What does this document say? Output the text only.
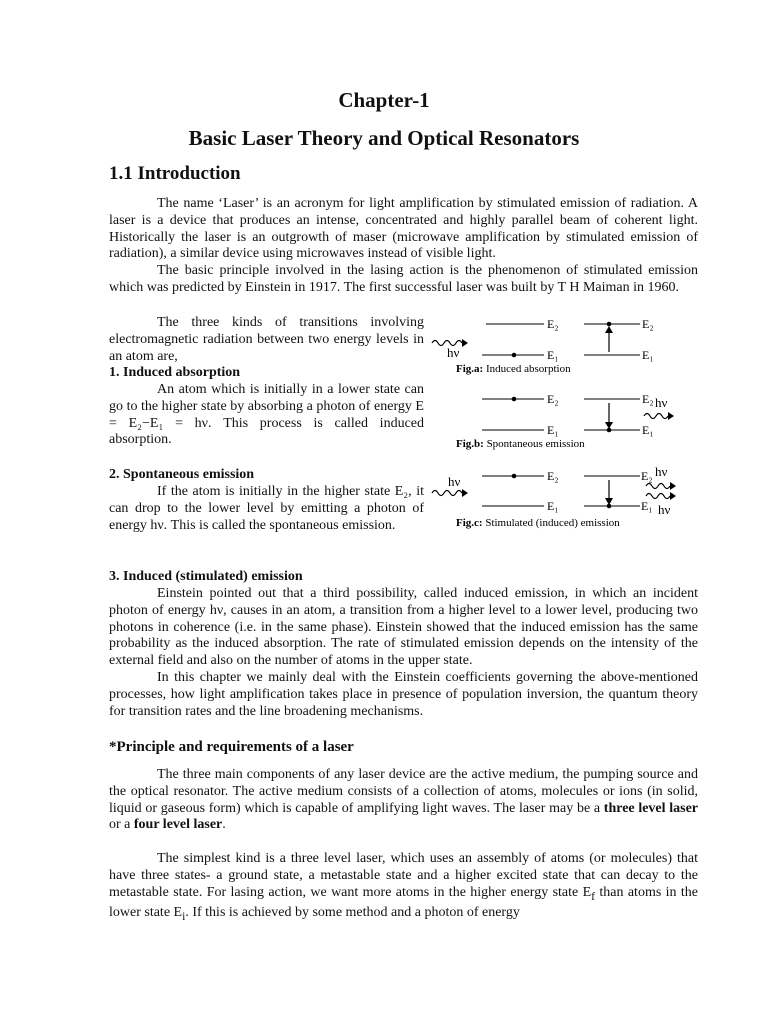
Chapter-1
Basic Laser Theory and Optical Resonators
1.1 Introduction

The name ‘Laser’ is an acronym for light amplification by stimulated emission of radiation. A laser is a device that produces an intense, concentrated and highly parallel beam of coherent light. Historically the laser is an outgrowth of maser (microwave amplification by stimulated emission of radiation), a similar device using microwaves instead of visible light.

The basic principle involved in the lasing action is the phenomenon of stimulated emission which was predicted by Einstein in 1917. The first successful laser was built by T H Maiman in 1960.

The three kinds of transitions involving electromagnetic radiation between two energy levels in an atom are,

1. Induced absorption

An atom which is initially in a lower state can go to the higher state by absorbing a photon of energy E = E₂−E₁ = hν. This process is called induced absorption.

2. Spontaneous emission

If the atom is initially in the higher state E₂, it can drop to the lower level by emitting a photon of energy hν. This is called the spontaneous emission.

E₂
E₁
hν
E₂
E₁
Fig.a: Induced absorption
E₂
E₁
E₂ hν
E₁
Fig.b: Spontaneous emission
hν	E₂
E₁
E₂ hν
E₁ hν
Fig.c: Stimulated (induced) emission
3. Induced (stimulated) emission

Einstein pointed out that a third possibility, called induced emission, in which an incident photon of energy hν, causes in an atom, a transition from a higher level to a lower level, producing two photons in coherence (i.e. in the same phase). Einstein showed that the induced emission has the same probability as the induced absorption. The rate of stimulated emission depends on the intensity of the external field and also on the number of atoms in the upper state.

In this chapter we mainly deal with the Einstein coefficients governing the above-mentioned processes, how light amplification takes place in presence of population inversion, the quantum theory for transition rates and the line broadening mechanisms.

*Principle and requirements of a laser

The three main components of any laser device are the active medium, the pumping source and the optical resonator. The active medium consists of a collection of atoms, molecules or ions (in solid, liquid or gaseous form) which is capable of amplifying light waves. The laser may be a three level laser or a four level laser.

The simplest kind is a three level laser, which uses an assembly of atoms (or molecules) that have three states- a ground state, a metastable state and a higher excited state that can decay to the metastable state. For lasing action, we want more atoms in the higher energy state $E_f$ than atoms in the lower state $E_i$. If this is achieved by some method and a photon of energy
